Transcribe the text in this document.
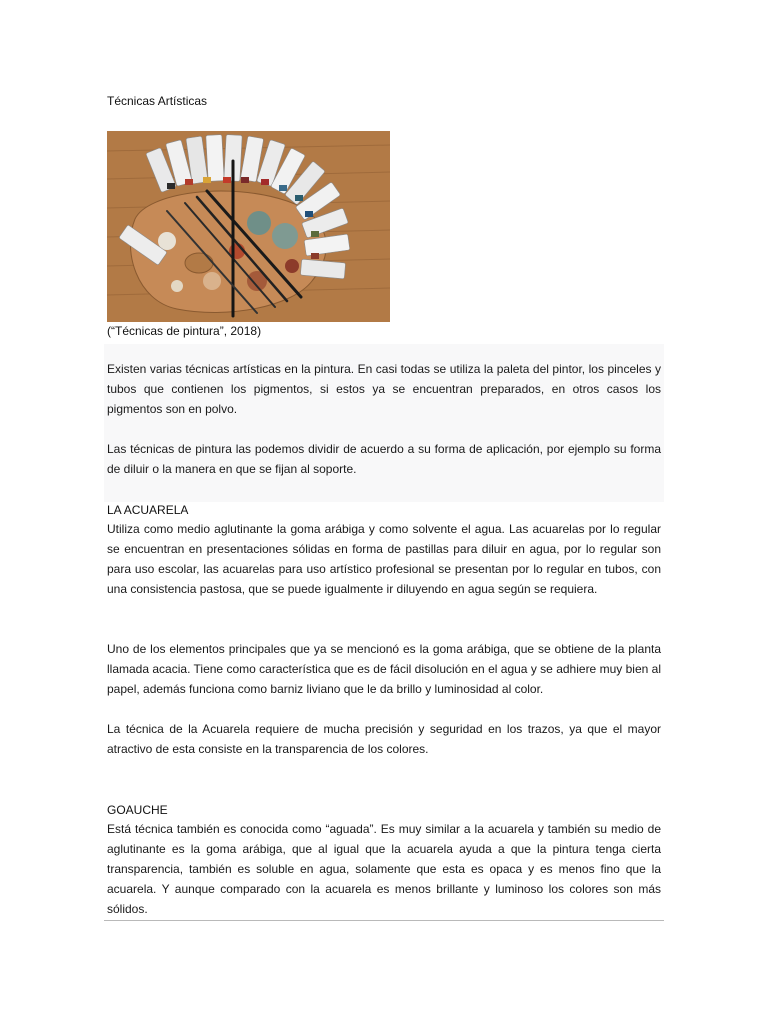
Técnicas Artísticas
(“Técnicas de pintura”, 2018)
Existen varias técnicas artísticas en la pintura. En casi todas se utiliza la paleta del pintor, los pinceles y tubos que contienen los pigmentos, si estos ya se encuentran preparados, en otros casos los pigmentos son en polvo.
Las técnicas de pintura las podemos dividir de acuerdo a su forma de aplicación, por ejemplo su forma de diluir o la manera en que se fijan al soporte.
LA ACUARELA
Utiliza como medio aglutinante la goma arábiga y como solvente el agua. Las acuarelas por lo regular se encuentran en presentaciones sólidas en forma de pastillas para diluir en agua, por lo regular son para uso escolar, las acuarelas para uso artístico profesional se presentan por lo regular en tubos, con una consistencia pastosa, que se puede igualmente ir diluyendo en agua según se requiera.
Uno de los elementos principales que ya se mencionó es la goma arábiga, que se obtiene de la planta llamada acacia. Tiene como característica que es de fácil disolución en el agua y se adhiere muy bien al papel, además funciona como barniz liviano que le da brillo y luminosidad al color.
La técnica de la Acuarela requiere de mucha precisión y seguridad en los trazos, ya que el mayor atractivo de esta consiste en la transparencia de los colores.
GOAUCHE
Está técnica también es conocida como “aguada”. Es muy similar a la acuarela y también su medio de aglutinante es la goma arábiga, que al igual que la acuarela ayuda a que la pintura tenga cierta transparencia, también es soluble en agua, solamente que esta es opaca y es menos fino que la acuarela. Y aunque comparado con la acuarela es menos brillante y luminoso los colores son más sólidos.
